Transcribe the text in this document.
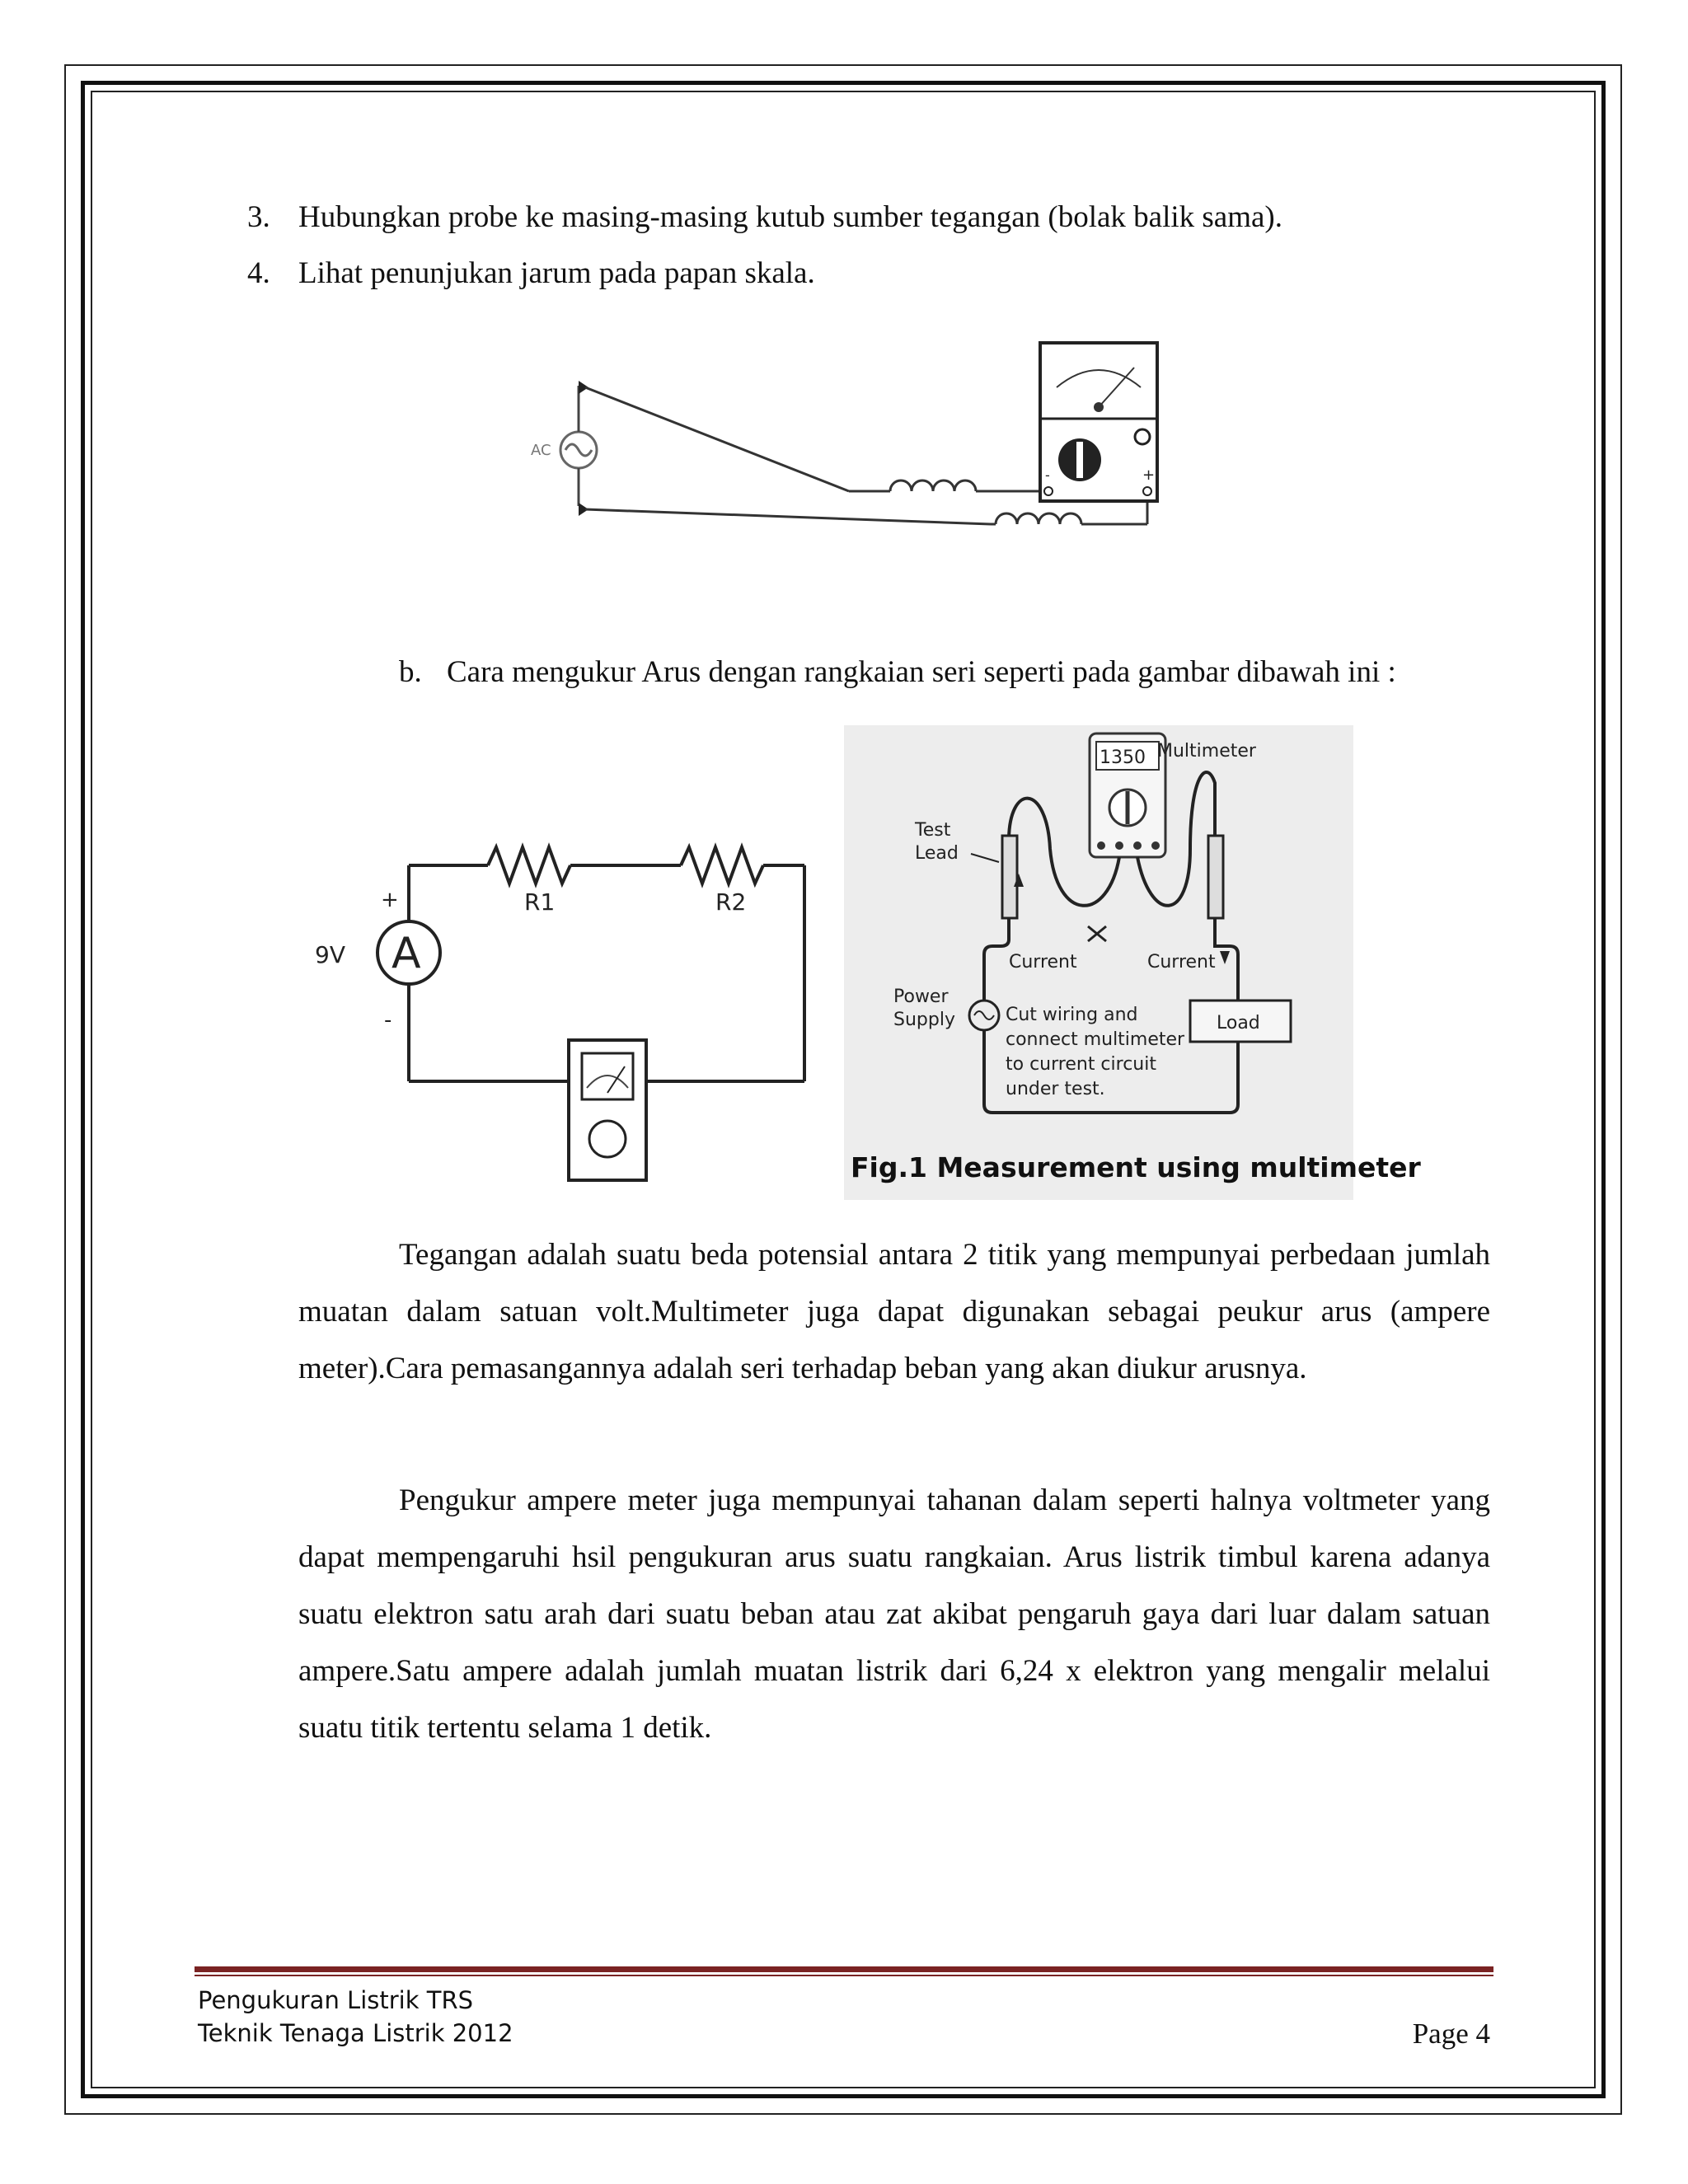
3. Hubungkan probe ke masing-masing kutub sumber tegangan (bolak balik sama).
4. Lihat penunjukan jarum pada papan skala.
AC
-	+
b. Cara mengukur Arus dengan rangkaian seri seperti pada gambar dibawah ini :
A
+
-
9V
R1	R2
1350 Multimeter
Test
Lead
Current	Current
Power
Supply	Load
Cut wiring and
connect multimeter
to current circuit
under test.
Fig.1 Measurement using multimeter
Tegangan adalah suatu beda potensial antara 2 titik yang mempunyai perbedaan jumlah muatan dalam satuan volt.Multimeter juga dapat digunakan sebagai peukur arus (ampere meter).Cara pemasangannya adalah seri terhadap beban yang akan diukur arusnya.
Pengukur ampere meter juga mempunyai tahanan dalam seperti halnya voltmeter yang dapat mempengaruhi hsil pengukuran arus suatu rangkaian. Arus listrik timbul karena adanya suatu elektron satu arah dari suatu beban atau zat akibat pengaruh gaya dari luar dalam satuan ampere.Satu ampere adalah jumlah muatan listrik dari 6,24 x elektron yang mengalir melalui suatu titik tertentu selama 1 detik.
Pengukuran Listrik TRS
Teknik Tenaga Listrik 2012	Page 4
